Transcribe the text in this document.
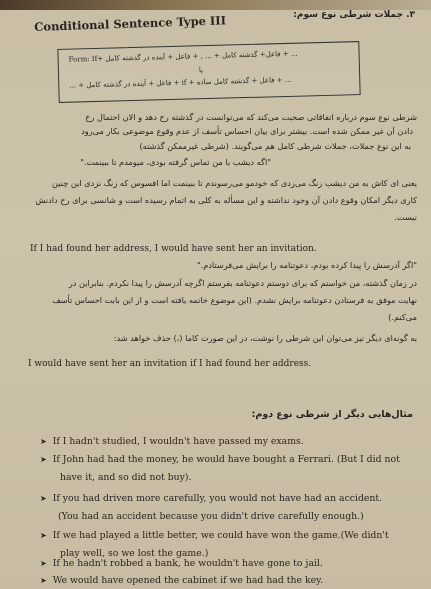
۳. جملات شرطی نوع سوم:
Conditional Sentence Type III
Form: If+ فاعل+ گذشته کامل + ... , + فاعل + آینده در گذشته کامل + ...
یا
... + فاعل + آینده در گذشته کامل + if + فاعل + گذشته کامل ساده + ...
شرطی نوع سوم درباره اتفاقاتی صحبت می‌کند که می‌توانست در گذشته رخ دهد و الان احتمال رخ
دادن آن غیر ممکن شده است. بیشتر برای بیان احساس تأسف از عدم وقوع موضوعی بکار می‌رود
به این نوع جملات، جملات شرطی کامل هم می‌گویند. (شرطی غیرممکن گذشته)
"اگه دیشب با من تماس گرفته بودی، میومدم تا ببینمت."
یعنی ای کاش به من دیشب زنگ می‌زدی که خودمو می‌رسوندم تا ببینمت اما افسوس که زنگ نزدی این چنین
کاری دیگر امکان وقوع دادن آن وجود نداشته و این مسأله به کلی به اتمام رسیده است و شانسی برای رخ دادنش
نیست.
If I had found her address, I would have sent her an invitation.
"اگر آدرسش را پیدا کرده بودم، دعوتنامه را برایش می‌فرستادم."
در زمان گذشته، من خواستم که برای دوستم دعوتنامه بفرستم اگرچه آدرسش را پیدا نکردم. بنابراین در
نهایت موفق به فرستادن دعوتنامه برایش نشدم. (این موضوع خاتمه یافته است و از این بابت احساس تأسف
می‌کنم.)
به گونه‌ای دیگر نیز می‌توان این شرطی را نوشت، در این صورت کاما (،) حذف خواهد شد:
I would have sent her an invitation if I had found her address.
مثال‌هایی دیگر از شرطی نوع دوم:
➤ If I hadn't studied, I wouldn't have passed my exams.
➤ If John had had the money, he would have bought a Ferrari. (But I did not
have it, and so did not buy).
➤ If you had driven more carefully, you would not have had an accident.
(You had an accident because you didn't drive carefully enough.)
➤ If we had played a little better, we could have won the game.(We didn't
play well, so we lost the game.)
➤ If he hadn't robbed a bank, he wouldn't have gone to jail.
➤ We would have opened the cabinet if we had had the key.
